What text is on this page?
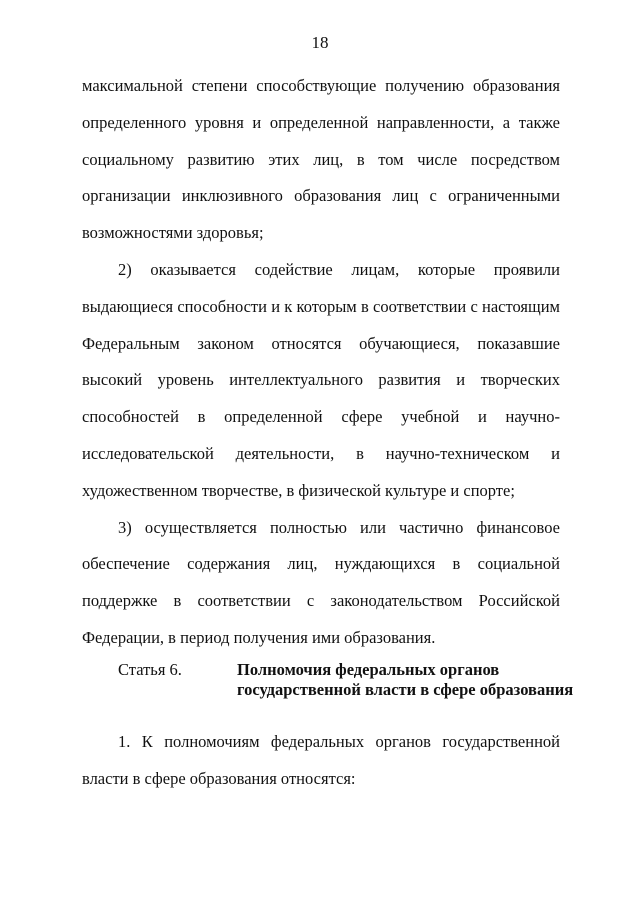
18

максимальной степени способствующие получению образования определенного уровня и определенной направленности, а также социальному развитию этих лиц, в том числе посредством организации инклюзивного образования лиц с ограниченными возможностями здоровья;

2) оказывается содействие лицам, которые проявили выдающиеся способности и к которым в соответствии с настоящим Федеральным законом относятся обучающиеся, показавшие высокий уровень интеллектуального развития и творческих способностей в определенной сфере учебной и научно-исследовательской деятельности, в научно-техническом и художественном творчестве, в физической культуре и спорте;

3) осуществляется полностью или частично финансовое обеспечение содержания лиц, нуждающихся в социальной поддержке в соответствии с законодательством Российской Федерации, в период получения ими образования.

Статья 6.	Полномочия федеральных органов
государственной власти в сфере образования

1. К полномочиям федеральных органов государственной власти в сфере образования относятся:
